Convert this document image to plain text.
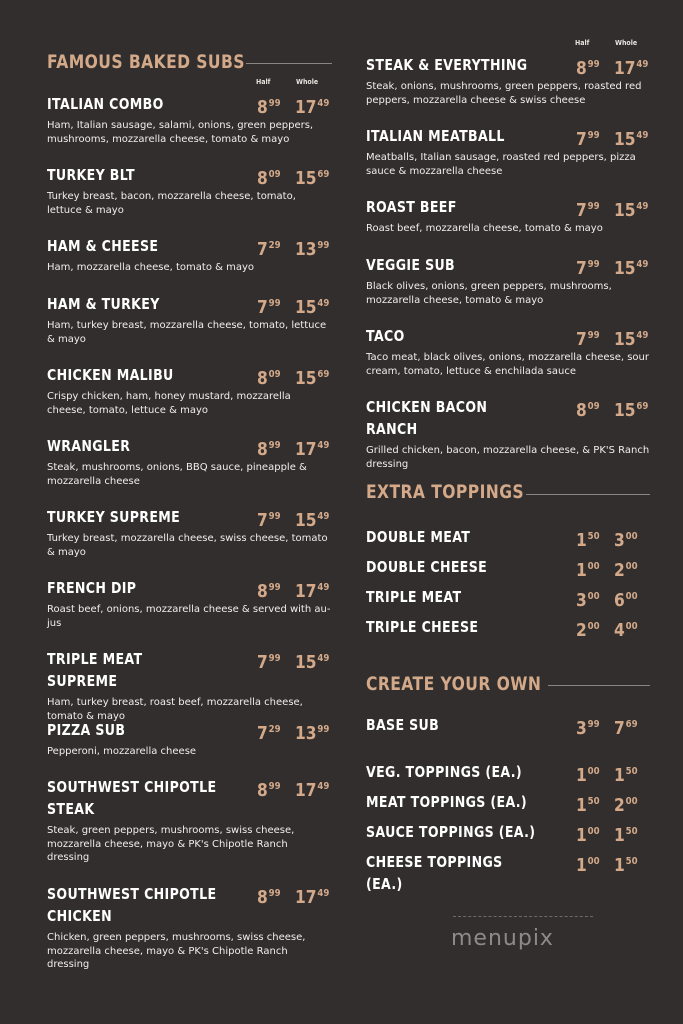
FAMOUS BAKED SUBS
Half	Whole
ITALIAN COMBO	$8^{99}$ $17^{49}$
Ham, Italian sausage, salami, onions, green peppers, mushrooms, mozzarella cheese, tomato & mayo
TURKEY BLT	$8^{09}$ $15^{69}$
Turkey breast, bacon, mozzarella cheese, tomato, lettuce & mayo
HAM & CHEESE	$7^{29}$ $13^{99}$
Ham, mozzarella cheese, tomato & mayo
HAM & TURKEY	$7^{99}$ $15^{49}$
Ham, turkey breast, mozzarella cheese, tomato, lettuce & mayo
CHICKEN MALIBU	$8^{09}$ $15^{69}$
Crispy chicken, ham, honey mustard, mozzarella cheese, tomato, lettuce & mayo
WRANGLER	$8^{99}$ $17^{49}$
Steak, mushrooms, onions, BBQ sauce, pineapple & mozzarella cheese
TURKEY SUPREME	$7^{99}$ $15^{49}$
Turkey breast, mozzarella cheese, swiss cheese, tomato & mayo
FRENCH DIP	$8^{99}$ $17^{49}$
Roast beef, onions, mozzarella cheese & served with au-jus
TRIPLE MEAT SUPREME
$7^{99}$ $15^{49}$
Ham, turkey breast, roast beef, mozzarella cheese, tomato & mayo
PIZZA SUB	$7^{29}$ $13^{99}$
Pepperoni, mozzarella cheese
SOUTHWEST CHIPOTLE STEAK
$8^{99}$ $17^{49}$
Steak, green peppers, mushrooms, swiss cheese, mozzarella cheese, mayo & PK's Chipotle Ranch dressing
SOUTHWEST CHIPOTLE CHICKEN
$8^{99}$ $17^{49}$
Chicken, green peppers, mushrooms, swiss cheese, mozzarella cheese, mayo & PK's Chipotle Ranch dressing
Half	Whole
STEAK & EVERYTHING	$8^{99}$ $17^{49}$
Steak, onions, mushrooms, green peppers, roasted red peppers, mozzarella cheese & swiss cheese
ITALIAN MEATBALL	$7^{99}$ $15^{49}$
Meatballs, Italian sausage, roasted red peppers, pizza sauce & mozzarella cheese
ROAST BEEF	$7^{99}$ $15^{49}$
Roast beef, mozzarella cheese, tomato & mayo
VEGGIE SUB	$7^{99}$ $15^{49}$
Black olives, onions, green peppers, mushrooms, mozzarella cheese, tomato & mayo
TACO	$7^{99}$ $15^{49}$
Taco meat, black olives, onions, mozzarella cheese, sour cream, tomato, lettuce & enchilada sauce
CHICKEN BACON RANCH
$8^{09}$ $15^{69}$
Grilled chicken, bacon, mozzarella cheese, & PK'S Ranch dressing
EXTRA TOPPINGS
DOUBLE MEAT	$1^{50}$ $3^{00}$
DOUBLE CHEESE	$1^{00}$ $2^{00}$
TRIPLE MEAT	$3^{00}$ $6^{00}$
TRIPLE CHEESE	$2^{00}$ $4^{00}$
CREATE YOUR OWN
BASE SUB	$3^{99}$ $7^{69}$
VEG. TOPPINGS (EA.)	$1^{00}$ $1^{50}$
MEAT TOPPINGS (EA.)	$1^{50}$ $2^{00}$
SAUCE TOPPINGS (EA.)	$1^{00}$ $1^{50}$
CHEESE TOPPINGS (EA.)
$1^{00}$ $1^{50}$
menupix
